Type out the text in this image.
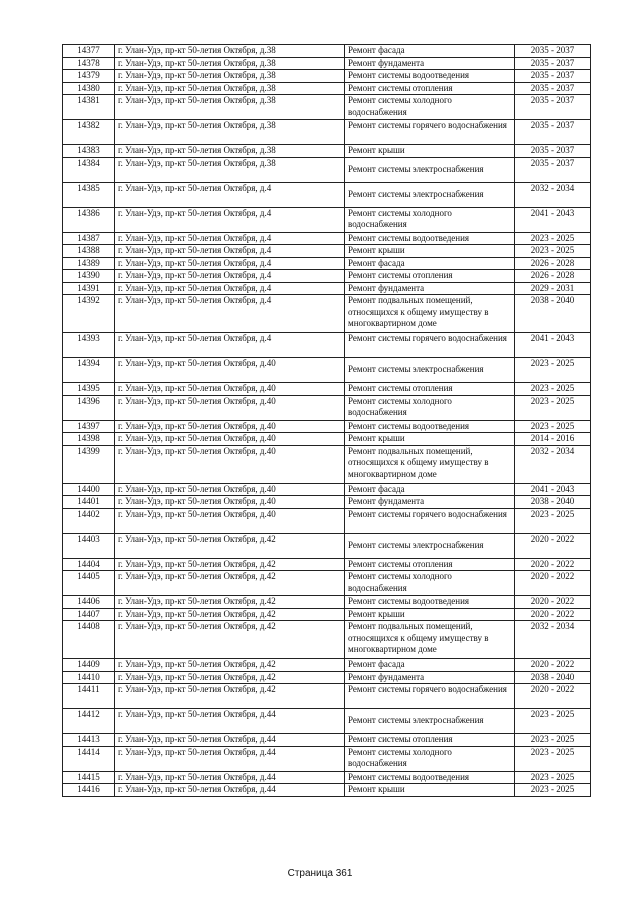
14377	г. Улан-Удэ, пр-кт 50-летия Октября, д.38	Ремонт фасада	2035 - 2037
14378	г. Улан-Удэ, пр-кт 50-летия Октября, д.38	Ремонт фундамента	2035 - 2037
14379	г. Улан-Удэ, пр-кт 50-летия Октября, д.38	Ремонт системы водоотведения	2035 - 2037
14380	г. Улан-Удэ, пр-кт 50-летия Октября, д.38	Ремонт системы отопления	2035 - 2037
14381	г. Улан-Удэ, пр-кт 50-летия Октября, д.38	Ремонт системы холодного водоснабжения	2035 - 2037
14382	г. Улан-Удэ, пр-кт 50-летия Октября, д.38	Ремонт системы горячего водоснабжения	2035 - 2037
14383	г. Улан-Удэ, пр-кт 50-летия Октября, д.38	Ремонт крыши	2035 - 2037
14384	г. Улан-Удэ, пр-кт 50-летия Октября, д.38	Ремонт системы электроснабжения	2035 - 2037
14385	г. Улан-Удэ, пр-кт 50-летия Октября, д.4	Ремонт системы электроснабжения	2032 - 2034
14386	г. Улан-Удэ, пр-кт 50-летия Октября, д.4	Ремонт системы холодного водоснабжения	2041 - 2043
14387	г. Улан-Удэ, пр-кт 50-летия Октября, д.4	Ремонт системы водоотведения	2023 - 2025
14388	г. Улан-Удэ, пр-кт 50-летия Октября, д.4	Ремонт крыши	2023 - 2025
14389	г. Улан-Удэ, пр-кт 50-летия Октября, д.4	Ремонт фасада	2026 - 2028
14390	г. Улан-Удэ, пр-кт 50-летия Октября, д.4	Ремонт системы отопления	2026 - 2028
14391	г. Улан-Удэ, пр-кт 50-летия Октября, д.4	Ремонт фундамента	2029 - 2031
14392	г. Улан-Удэ, пр-кт 50-летия Октября, д.4	Ремонт подвальных помещений, относящихся к общему имуществу в многоквартирном доме	2038 - 2040
14393	г. Улан-Удэ, пр-кт 50-летия Октября, д.4	Ремонт системы горячего водоснабжения	2041 - 2043
14394	г. Улан-Удэ, пр-кт 50-летия Октября, д.40	Ремонт системы электроснабжения	2023 - 2025
14395	г. Улан-Удэ, пр-кт 50-летия Октября, д.40	Ремонт системы отопления	2023 - 2025
14396	г. Улан-Удэ, пр-кт 50-летия Октября, д.40	Ремонт системы холодного водоснабжения	2023 - 2025
14397	г. Улан-Удэ, пр-кт 50-летия Октября, д.40	Ремонт системы водоотведения	2023 - 2025
14398	г. Улан-Удэ, пр-кт 50-летия Октября, д.40	Ремонт крыши	2014 - 2016
14399	г. Улан-Удэ, пр-кт 50-летия Октября, д.40	Ремонт подвальных помещений, относящихся к общему имуществу в многоквартирном доме	2032 - 2034
14400	г. Улан-Удэ, пр-кт 50-летия Октября, д.40	Ремонт фасада	2041 - 2043
14401	г. Улан-Удэ, пр-кт 50-летия Октября, д.40	Ремонт фундамента	2038 - 2040
14402	г. Улан-Удэ, пр-кт 50-летия Октября, д.40	Ремонт системы горячего водоснабжения	2023 - 2025
14403	г. Улан-Удэ, пр-кт 50-летия Октября, д.42	Ремонт системы электроснабжения	2020 - 2022
14404	г. Улан-Удэ, пр-кт 50-летия Октября, д.42	Ремонт системы отопления	2020 - 2022
14405	г. Улан-Удэ, пр-кт 50-летия Октября, д.42	Ремонт системы холодного водоснабжения	2020 - 2022
14406	г. Улан-Удэ, пр-кт 50-летия Октября, д.42	Ремонт системы водоотведения	2020 - 2022
14407	г. Улан-Удэ, пр-кт 50-летия Октября, д.42	Ремонт крыши	2020 - 2022
14408	г. Улан-Удэ, пр-кт 50-летия Октября, д.42	Ремонт подвальных помещений, относящихся к общему имуществу в многоквартирном доме	2032 - 2034
14409	г. Улан-Удэ, пр-кт 50-летия Октября, д.42	Ремонт фасада	2020 - 2022
14410	г. Улан-Удэ, пр-кт 50-летия Октября, д.42	Ремонт фундамента	2038 - 2040
14411	г. Улан-Удэ, пр-кт 50-летия Октября, д.42	Ремонт системы горячего водоснабжения	2020 - 2022
14412	г. Улан-Удэ, пр-кт 50-летия Октября, д.44	Ремонт системы электроснабжения	2023 - 2025
14413	г. Улан-Удэ, пр-кт 50-летия Октября, д.44	Ремонт системы отопления	2023 - 2025
14414	г. Улан-Удэ, пр-кт 50-летия Октября, д.44	Ремонт системы холодного водоснабжения	2023 - 2025
14415	г. Улан-Удэ, пр-кт 50-летия Октября, д.44	Ремонт системы водоотведения	2023 - 2025
14416	г. Улан-Удэ, пр-кт 50-летия Октября, д.44	Ремонт крыши	2023 - 2025
Страница 361
